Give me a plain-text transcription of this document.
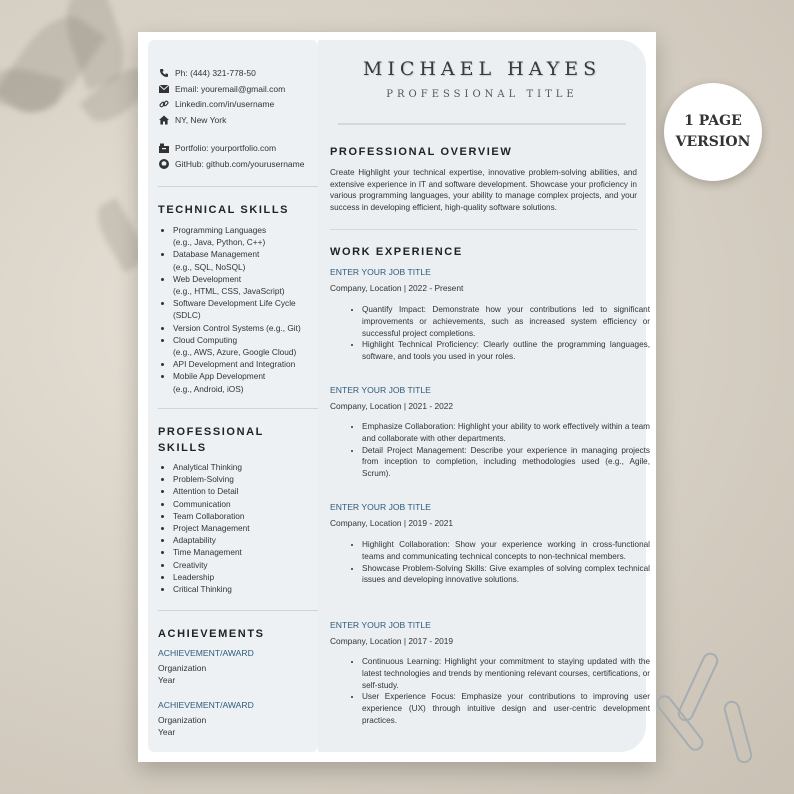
Ph: (444) 321-778-50
Email: youremail@gmail.com
Linkedin.com/in/username
NY, New York
Portfolio: yourportfolio.com
GitHub: github.com/yourusername
TECHNICAL SKILLS
• Programming Languages
(e.g., Java, Python, C++)
• Database Management
(e.g., SQL, NoSQL)
• Web Development
(e.g., HTML, CSS, JavaScript)
• Software Development Life Cycle
(SDLC)
• Version Control Systems (e.g., Git)
• Cloud Computing
(e.g., AWS, Azure, Google Cloud)
• API Development and Integration
• Mobile App Development
(e.g., Android, iOS)
PROFESSIONAL
SKILLS
• Analytical Thinking
• Problem-Solving
• Attention to Detail
• Communication
• Team Collaboration
• Project Management
• Adaptability
• Time Management
• Creativity
• Leadership
• Critical Thinking
ACHIEVEMENTS
ACHIEVEMENT/AWARD
Organization
Year
ACHIEVEMENT/AWARD
Organization
Year
MICHAEL HAYES
PROFESSIONAL TITLE
PROFESSIONAL OVERVIEW

Create Highlight your technical expertise, innovative problem-solving abilities, and extensive experience in IT and software development. Showcase your proficiency in various programming languages, your ability to manage complex projects, and your success in developing efficient, high-quality software solutions.

WORK EXPERIENCE
ENTER YOUR JOB TITLE
Company, Location | 2022 - Present
• Quantify Impact: Demonstrate how your contributions led to significant improvements or achievements, such as increased system efficiency or successful project completions.
• Highlight Technical Proficiency: Clearly outline the programming languages, software, and tools you used in your roles.
ENTER YOUR JOB TITLE
Company, Location | 2021 - 2022
• Emphasize Collaboration: Highlight your ability to work effectively within a team and collaborate with other departments.
• Detail Project Management: Describe your experience in managing projects from inception to completion, including methodologies used (e.g., Agile, Scrum).
ENTER YOUR JOB TITLE
Company, Location | 2019 - 2021
• Highlight Collaboration: Show your experience working in cross-functional teams and communicating technical concepts to non-technical members.
• Showcase Problem-Solving Skills: Give examples of solving complex technical issues and developing innovative solutions.
ENTER YOUR JOB TITLE
Company, Location | 2017 - 2019
• Continuous Learning: Highlight your commitment to staying updated with the latest technologies and trends by mentioning relevant courses, certifications, or self-study.
• User Experience Focus: Emphasize your contributions to improving user experience (UX) through intuitive design and user-centric development practices.
1 PAGE
VERSION
